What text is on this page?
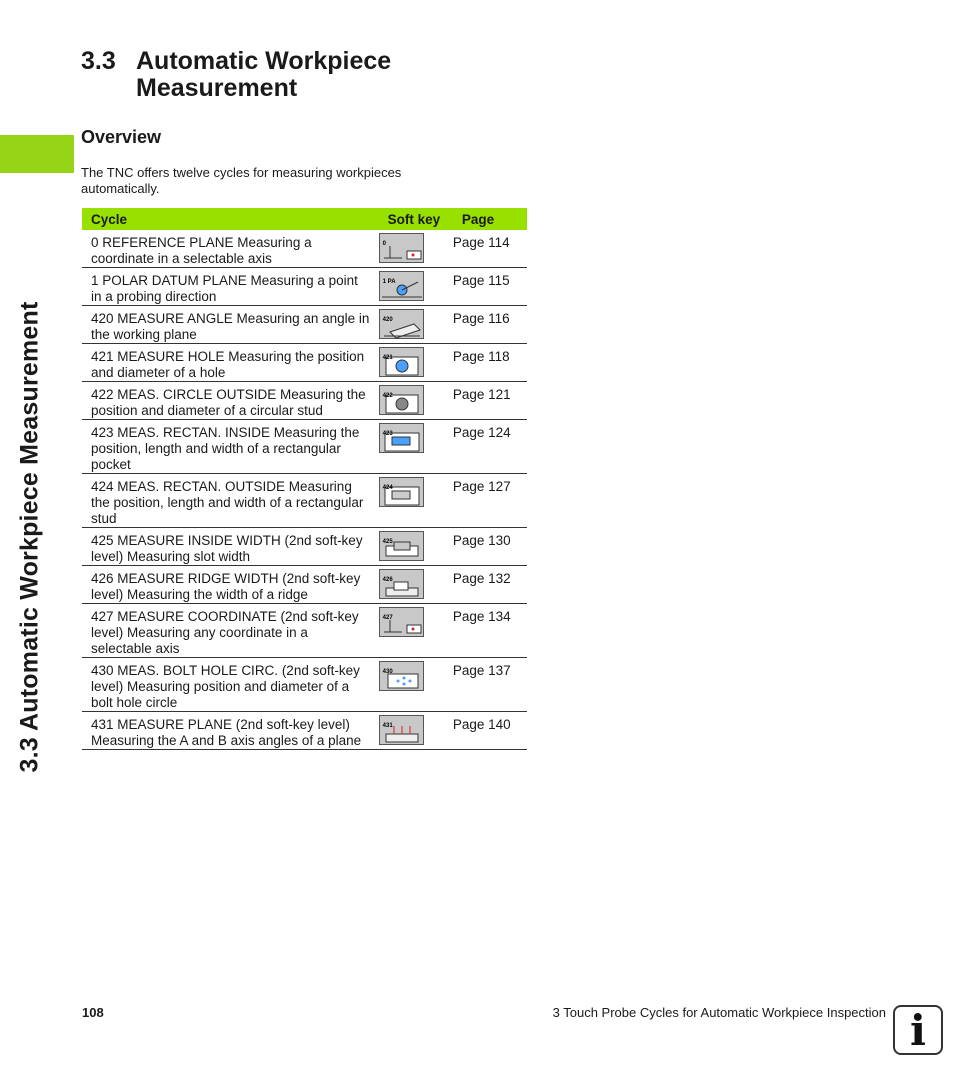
3.3 Automatic Workpiece Measurement
3.3 Automatic Workpiece Measurement
Overview
The TNC offers twelve cycles for measuring workpieces automatically.
Cycle	Soft key	Page
0 REFERENCE PLANE Measuring a coordinate in a selectable axis	0	Page 114
1 POLAR DATUM PLANE Measuring a point in a probing direction	1 PA	Page 115
420 MEASURE ANGLE Measuring an angle in the working plane	420	Page 116
421 MEASURE HOLE Measuring the position and diameter of a hole	421	Page 118
422 MEAS. CIRCLE OUTSIDE Measuring the position and diameter of a circular stud	422	Page 121
423 MEAS. RECTAN. INSIDE Measuring the position, length and width of a rectangular pocket	423	Page 124
424 MEAS. RECTAN. OUTSIDE Measuring the position, length and width of a rectangular stud	424	Page 127
425 MEASURE INSIDE WIDTH (2nd soft-key level) Measuring slot width	425	Page 130
426 MEASURE RIDGE WIDTH (2nd soft-key level) Measuring the width of a ridge	426	Page 132
427 MEASURE COORDINATE (2nd soft-key level) Measuring any coordinate in a selectable axis	427	Page 134
430 MEAS. BOLT HOLE CIRC. (2nd soft-key level) Measuring position and diameter of a bolt hole circle	430	Page 137
431 MEASURE PLANE (2nd soft-key level) Measuring the A and B axis angles of a plane	431	Page 140
108	3 Touch Probe Cycles for Automatic Workpiece Inspection i
